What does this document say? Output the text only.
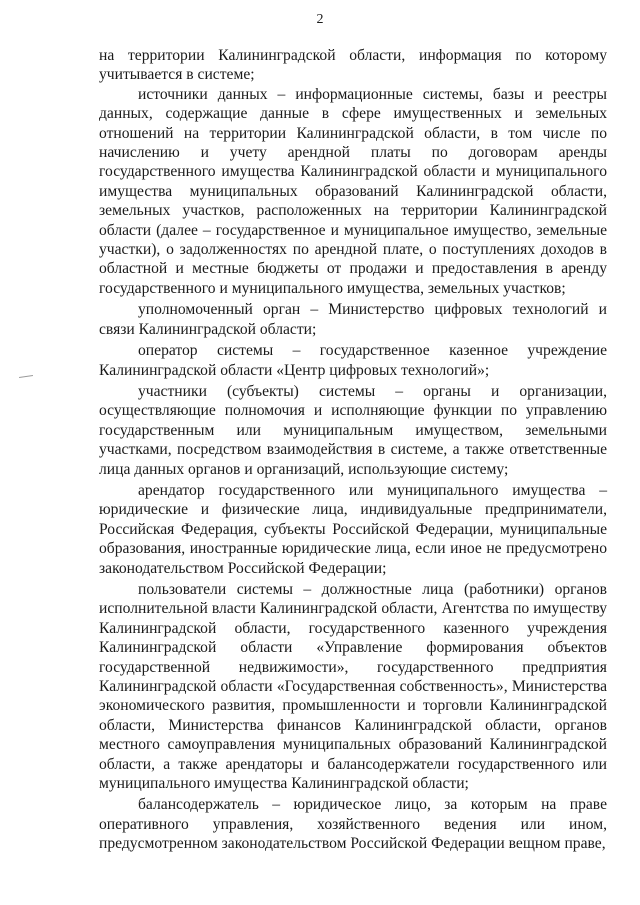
2

на территории Калининградской области, информация по которому учитывается в системе;

источники данных – информационные системы, базы и реестры данных, содержащие данные в сфере имущественных и земельных отношений на территории Калининградской области, в том числе по начислению и учету арендной платы по договорам аренды государственного имущества Калининградской области и муниципального имущества муниципальных образований Калининградской области, земельных участков, расположенных на территории Калининградской области (далее – государственное и муниципальное имущество, земельные участки), о задолженностях по арендной плате, о поступлениях доходов в областной и местные бюджеты от продажи и предоставления в аренду государственного и муниципального имущества, земельных участков;

уполномоченный орган – Министерство цифровых технологий и связи Калининградской области;

оператор системы – государственное казенное учреждение Калининградской области «Центр цифровых технологий»;

участники (субъекты) системы – органы и организации, осуществляющие полномочия и исполняющие функции по управлению государственным или муниципальным имуществом, земельными участками, посредством взаимодействия в системе, а также ответственные лица данных органов и организаций, использующие систему;

арендатор государственного или муниципального имущества – юридические и физические лица, индивидуальные предприниматели, Российская Федерация, субъекты Российской Федерации, муниципальные образования, иностранные юридические лица, если иное не предусмотрено законодательством Российской Федерации;

пользователи системы – должностные лица (работники) органов исполнительной власти Калининградской области, Агентства по имуществу Калининградской области, государственного казенного учреждения Калининградской области «Управление формирования объектов государственной недвижимости», государственного предприятия Калининградской области «Государственная собственность», Министерства экономического развития, промышленности и торговли Калининградской области, Министерства финансов Калининградской области, органов местного самоуправления муниципальных образований Калининградской области, а также арендаторы и балансодержатели государственного или муниципального имущества Калининградской области;

балансодержатель – юридическое лицо, за которым на праве оперативного управления, хозяйственного ведения или ином, предусмотренном законодательством Российской Федерации вещном праве,
